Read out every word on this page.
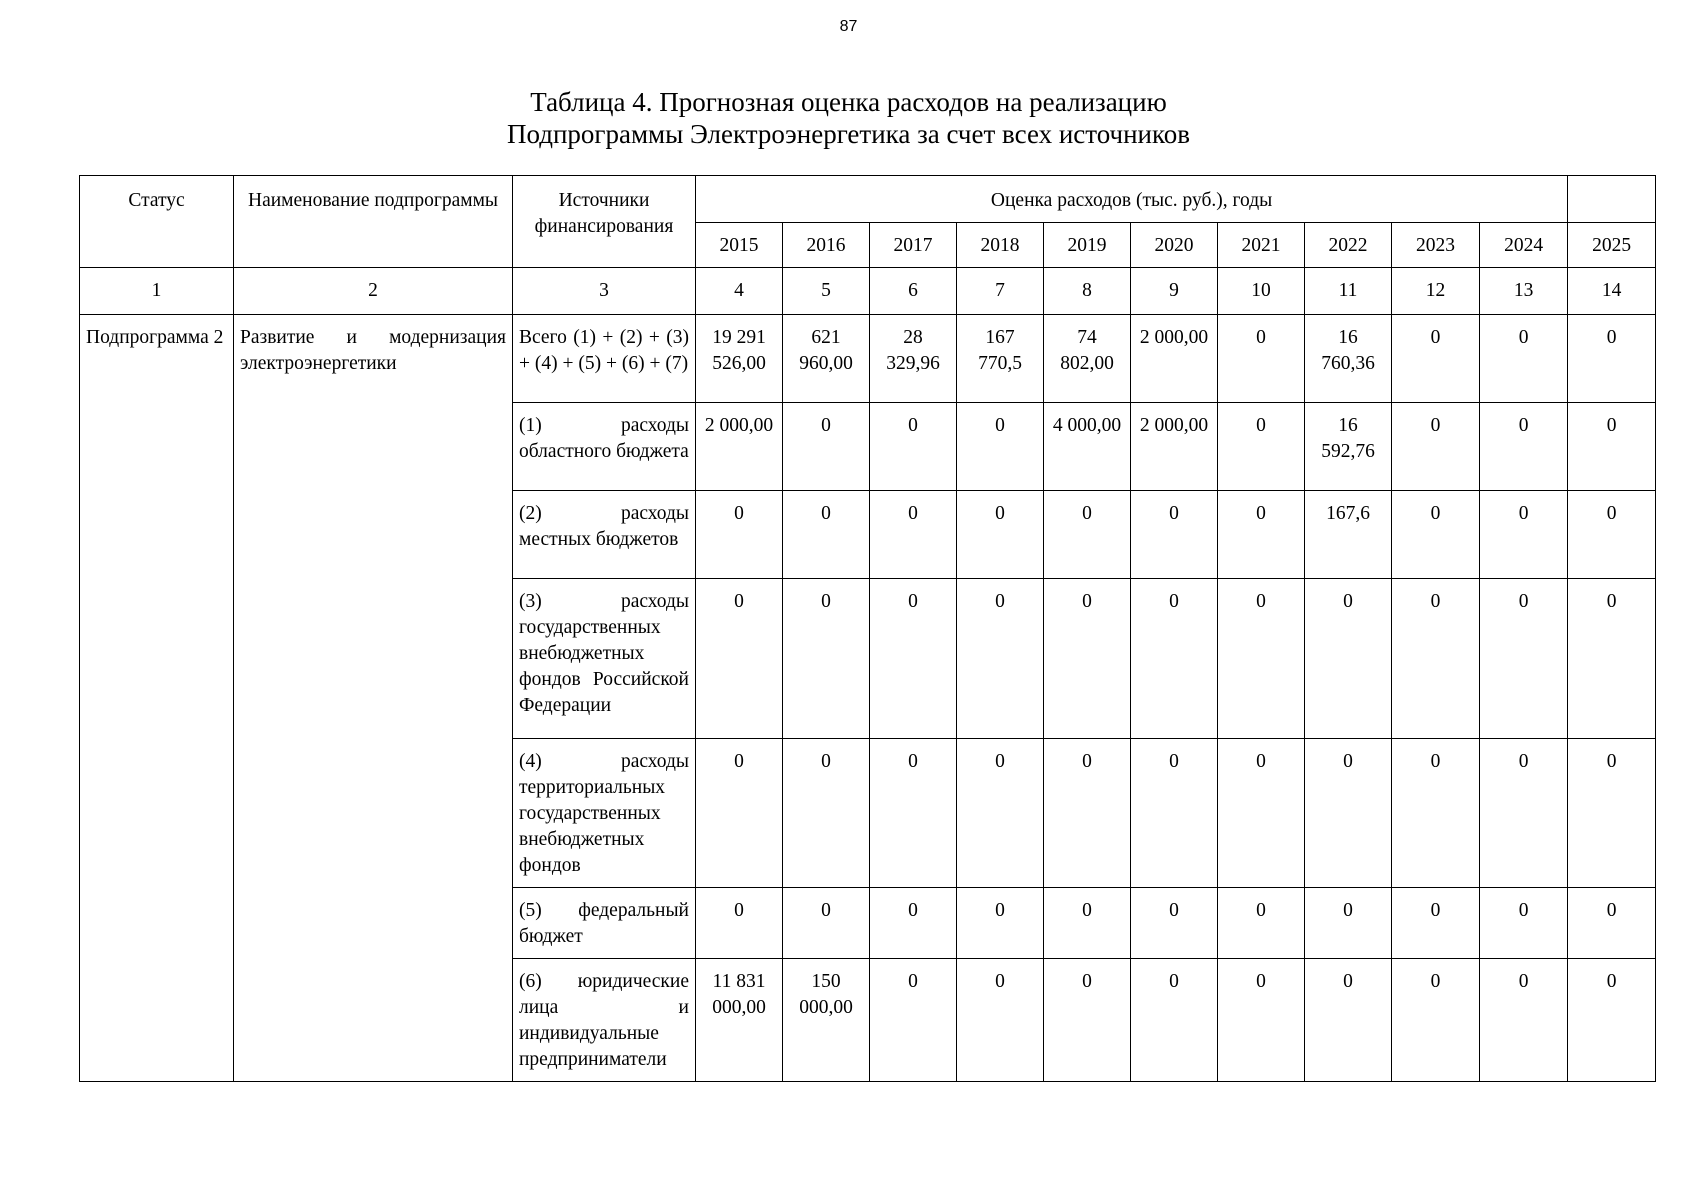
87
Таблица 4. Прогнозная оценка расходов на реализацию
Подпрограммы Электроэнергетика за счет всех источников
Статус	Наименование подпрограммы	Источники финансирования	Оценка расходов (тыс. руб.), годы										
			2015	2016	2017	2018	2019	2020	2021	2022	2023	2024	2025
1	2	3	4	5	6	7	8	9	10	11	12	13	14
Подпрограмма 2	Развитие и модернизация электроэнергетики	Всего (1) + (2) + (3) + (4) + (5) + (6) + (7)	19 291 526,00	621 960,00	28 329,96	167 770,5	74 802,00	2 000,00	0	16 760,36	0	0	0
		(1) расходы областного бюджета	2 000,00	0	0	0	4 000,00	2 000,00	0	16 592,76	0	0	0
		(2) расходы местных бюджетов	0	0	0	0	0	0	0	167,6	0	0	0
		(3) расходы государственных внебюджетных фондов Российской Федерации	0	0	0	0	0	0	0	0	0	0	0
		(4) расходы территориальных государственных внебюджетных фондов	0	0	0	0	0	0	0	0	0	0	0
		(5) федеральный бюджет	0	0	0	0	0	0	0	0	0	0	0
		(6) юридические лица и индивидуальные предприниматели	11 831 000,00	150 000,00	0	0	0	0	0	0	0	0	0
